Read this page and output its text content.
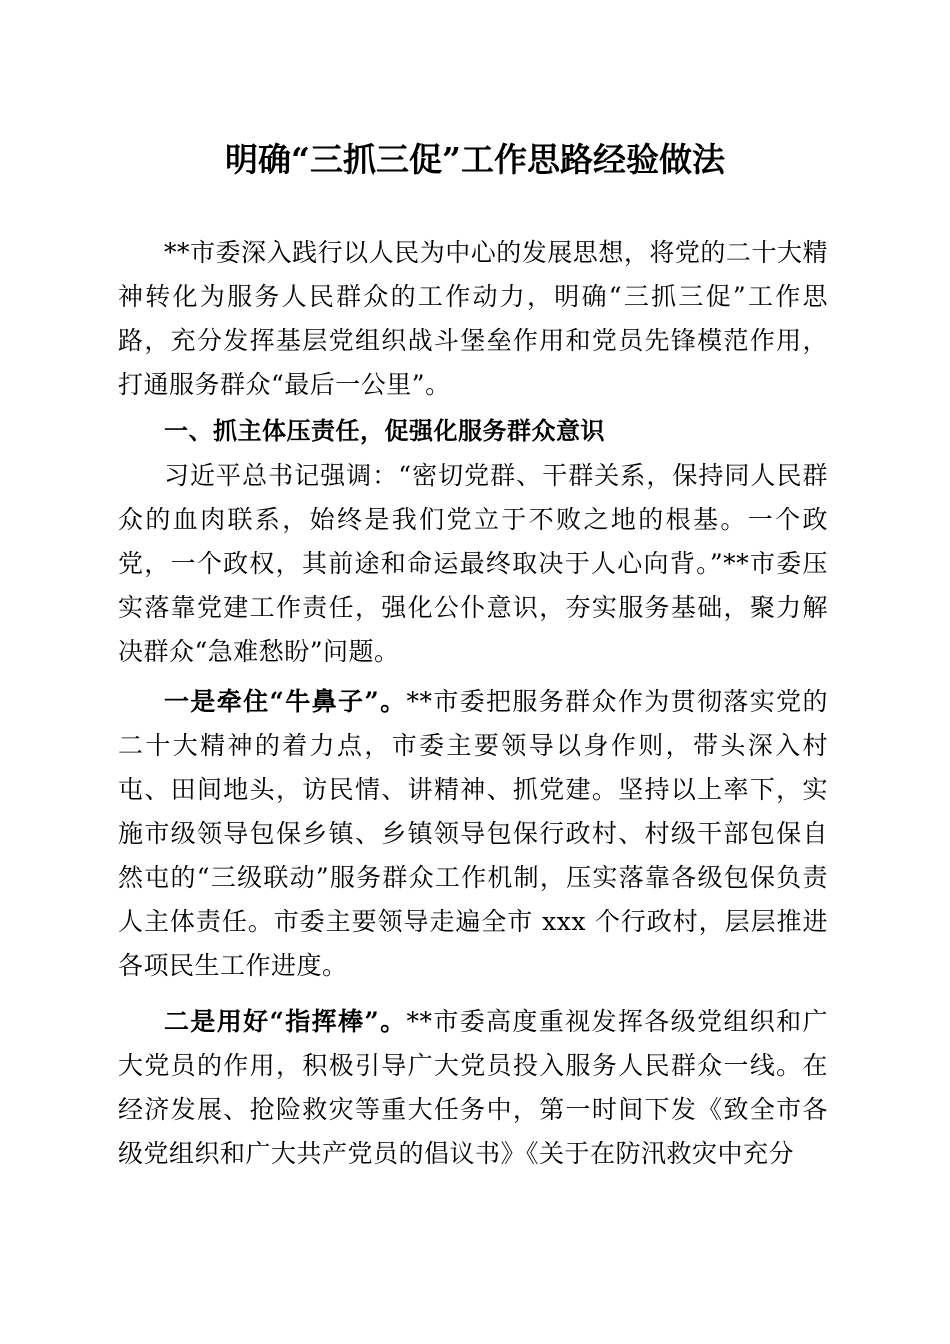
明确“三抓三促”工作思路经验做法

**市委深入践行以人民为中心的发展思想，将党的二十大精神转化为服务人民群众的工作动力，明确“三抓三促”工作思路，充分发挥基层党组织战斗堡垒作用和党员先锋模范作用，打通服务群众“最后一公里”。

一、抓主体压责任，促强化服务群众意识

习近平总书记强调：“密切党群、干群关系，保持同人民群众的血肉联系，始终是我们党立于不败之地的根基。一个政党，一个政权，其前途和命运最终取决于人心向背。”**市委压实落靠党建工作责任，强化公仆意识，夯实服务基础，聚力解决群众“急难愁盼”问题。

一是牵住“牛鼻子”。**市委把服务群众作为贯彻落实党的二十大精神的着力点，市委主要领导以身作则，带头深入村屯、田间地头，访民情、讲精神、抓党建。坚持以上率下，实施市级领导包保乡镇、乡镇领导包保行政村、村级干部包保自然屯的“三级联动”服务群众工作机制，压实落靠各级包保负责人主体责任。市委主要领导走遍全市 xxx 个行政村，层层推进各项民生工作进度。

二是用好“指挥棒”。**市委高度重视发挥各级党组织和广大党员的作用，积极引导广大党员投入服务人民群众一线。在经济发展、抢险救灾等重大任务中，第一时间下发《致全市各级党组织和广大共产党员的倡议书》《关于在防汛救灾中充分
